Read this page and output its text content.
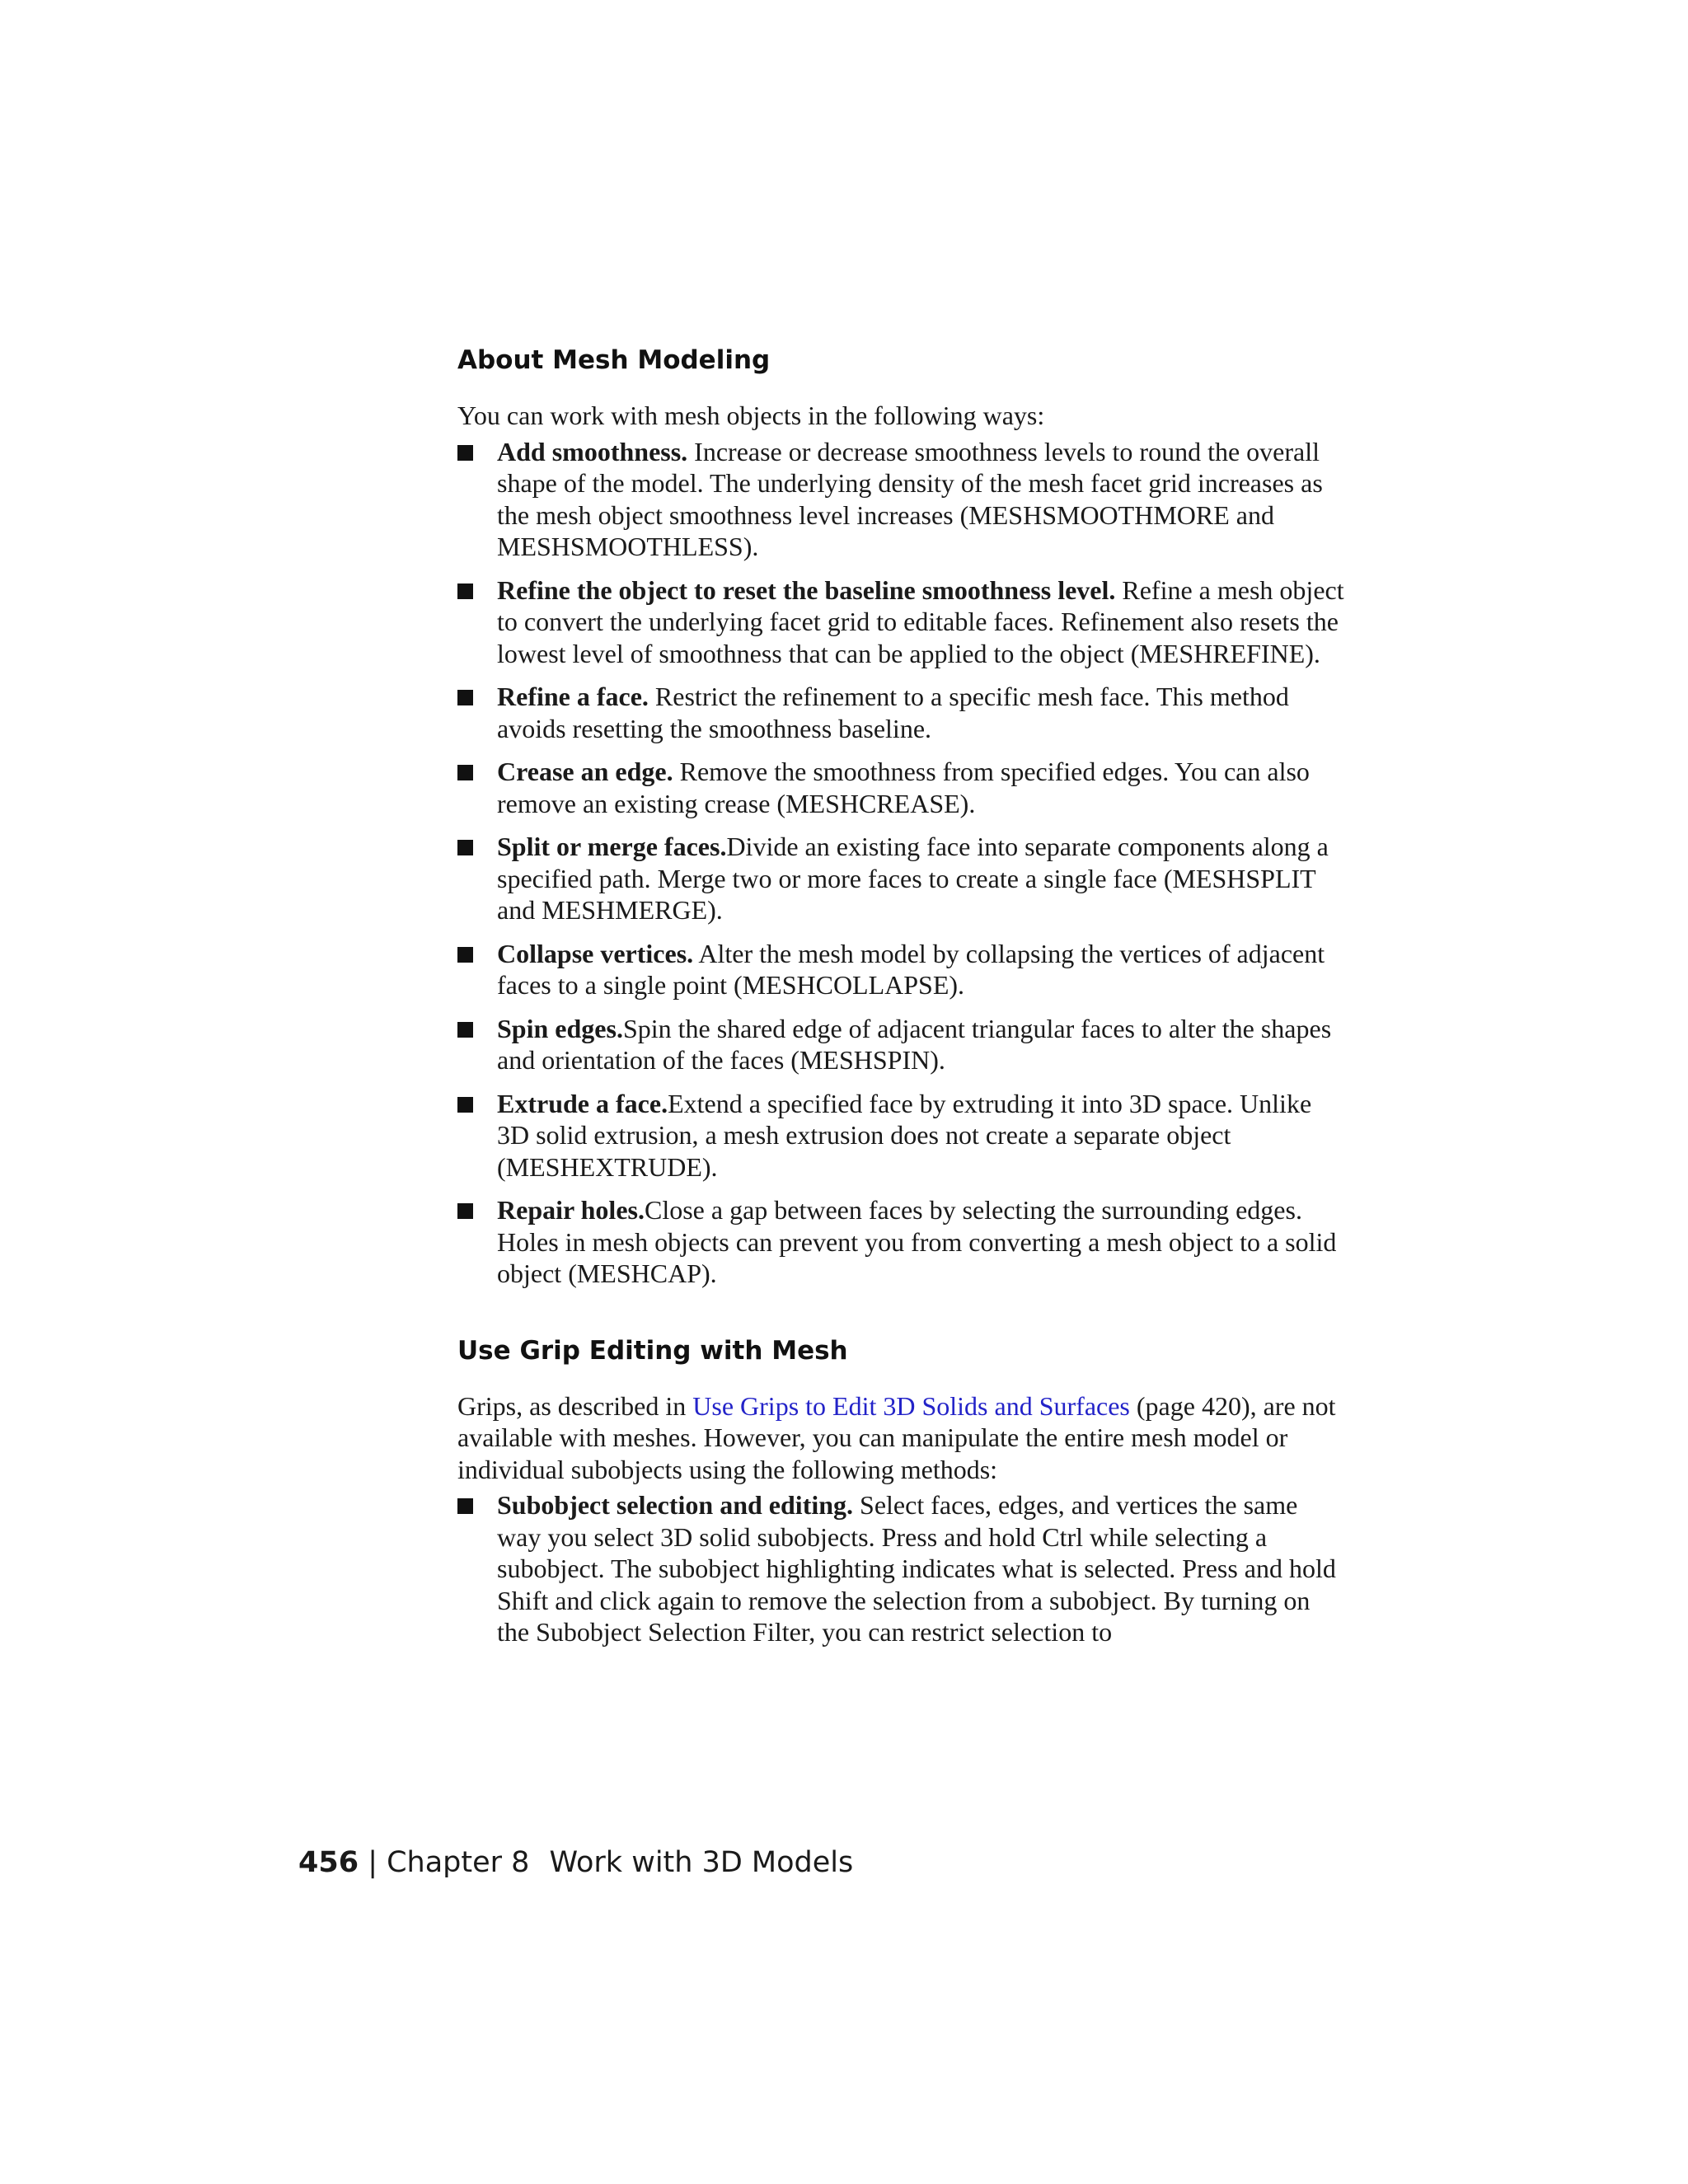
About Mesh Modeling

You can work with mesh objects in the following ways:

Add smoothness. Increase or decrease smoothness levels to round the overall shape of the model. The underlying density of the mesh facet grid increases as the mesh object smoothness level increases (MESHSMOOTHMORE and MESHSMOOTHLESS).
Refine the object to reset the baseline smoothness level. Refine a mesh object to convert the underlying facet grid to editable faces. Refinement also resets the lowest level of smoothness that can be applied to the object (MESHREFINE).
Refine a face. Restrict the refinement to a specific mesh face. This method avoids resetting the smoothness baseline.
Crease an edge. Remove the smoothness from specified edges. You can also remove an existing crease (MESHCREASE).
Split or merge faces.Divide an existing face into separate components along a specified path. Merge two or more faces to create a single face (MESHSPLIT and MESHMERGE).
Collapse vertices. Alter the mesh model by collapsing the vertices of adjacent faces to a single point (MESHCOLLAPSE).
Spin edges.Spin the shared edge of adjacent triangular faces to alter the shapes and orientation of the faces (MESHSPIN).
Extrude a face.Extend a specified face by extruding it into 3D space. Unlike 3D solid extrusion, a mesh extrusion does not create a separate object (MESHEXTRUDE).
Repair holes.Close a gap between faces by selecting the surrounding edges. Holes in mesh objects can prevent you from converting a mesh object to a solid object (MESHCAP).
Use Grip Editing with Mesh

Grips, as described in Use Grips to Edit 3D Solids and Surfaces (page 420), are not available with meshes. However, you can manipulate the entire mesh model or individual subobjects using the following methods:

Subobject selection and editing. Select faces, edges, and vertices the same way you select 3D solid subobjects. Press and hold Ctrl while selecting a subobject. The subobject highlighting indicates what is selected. Press and hold Shift and click again to remove the selection from a subobject. By turning on the Subobject Selection Filter, you can restrict selection to
456 | Chapter 8 Work with 3D Models
